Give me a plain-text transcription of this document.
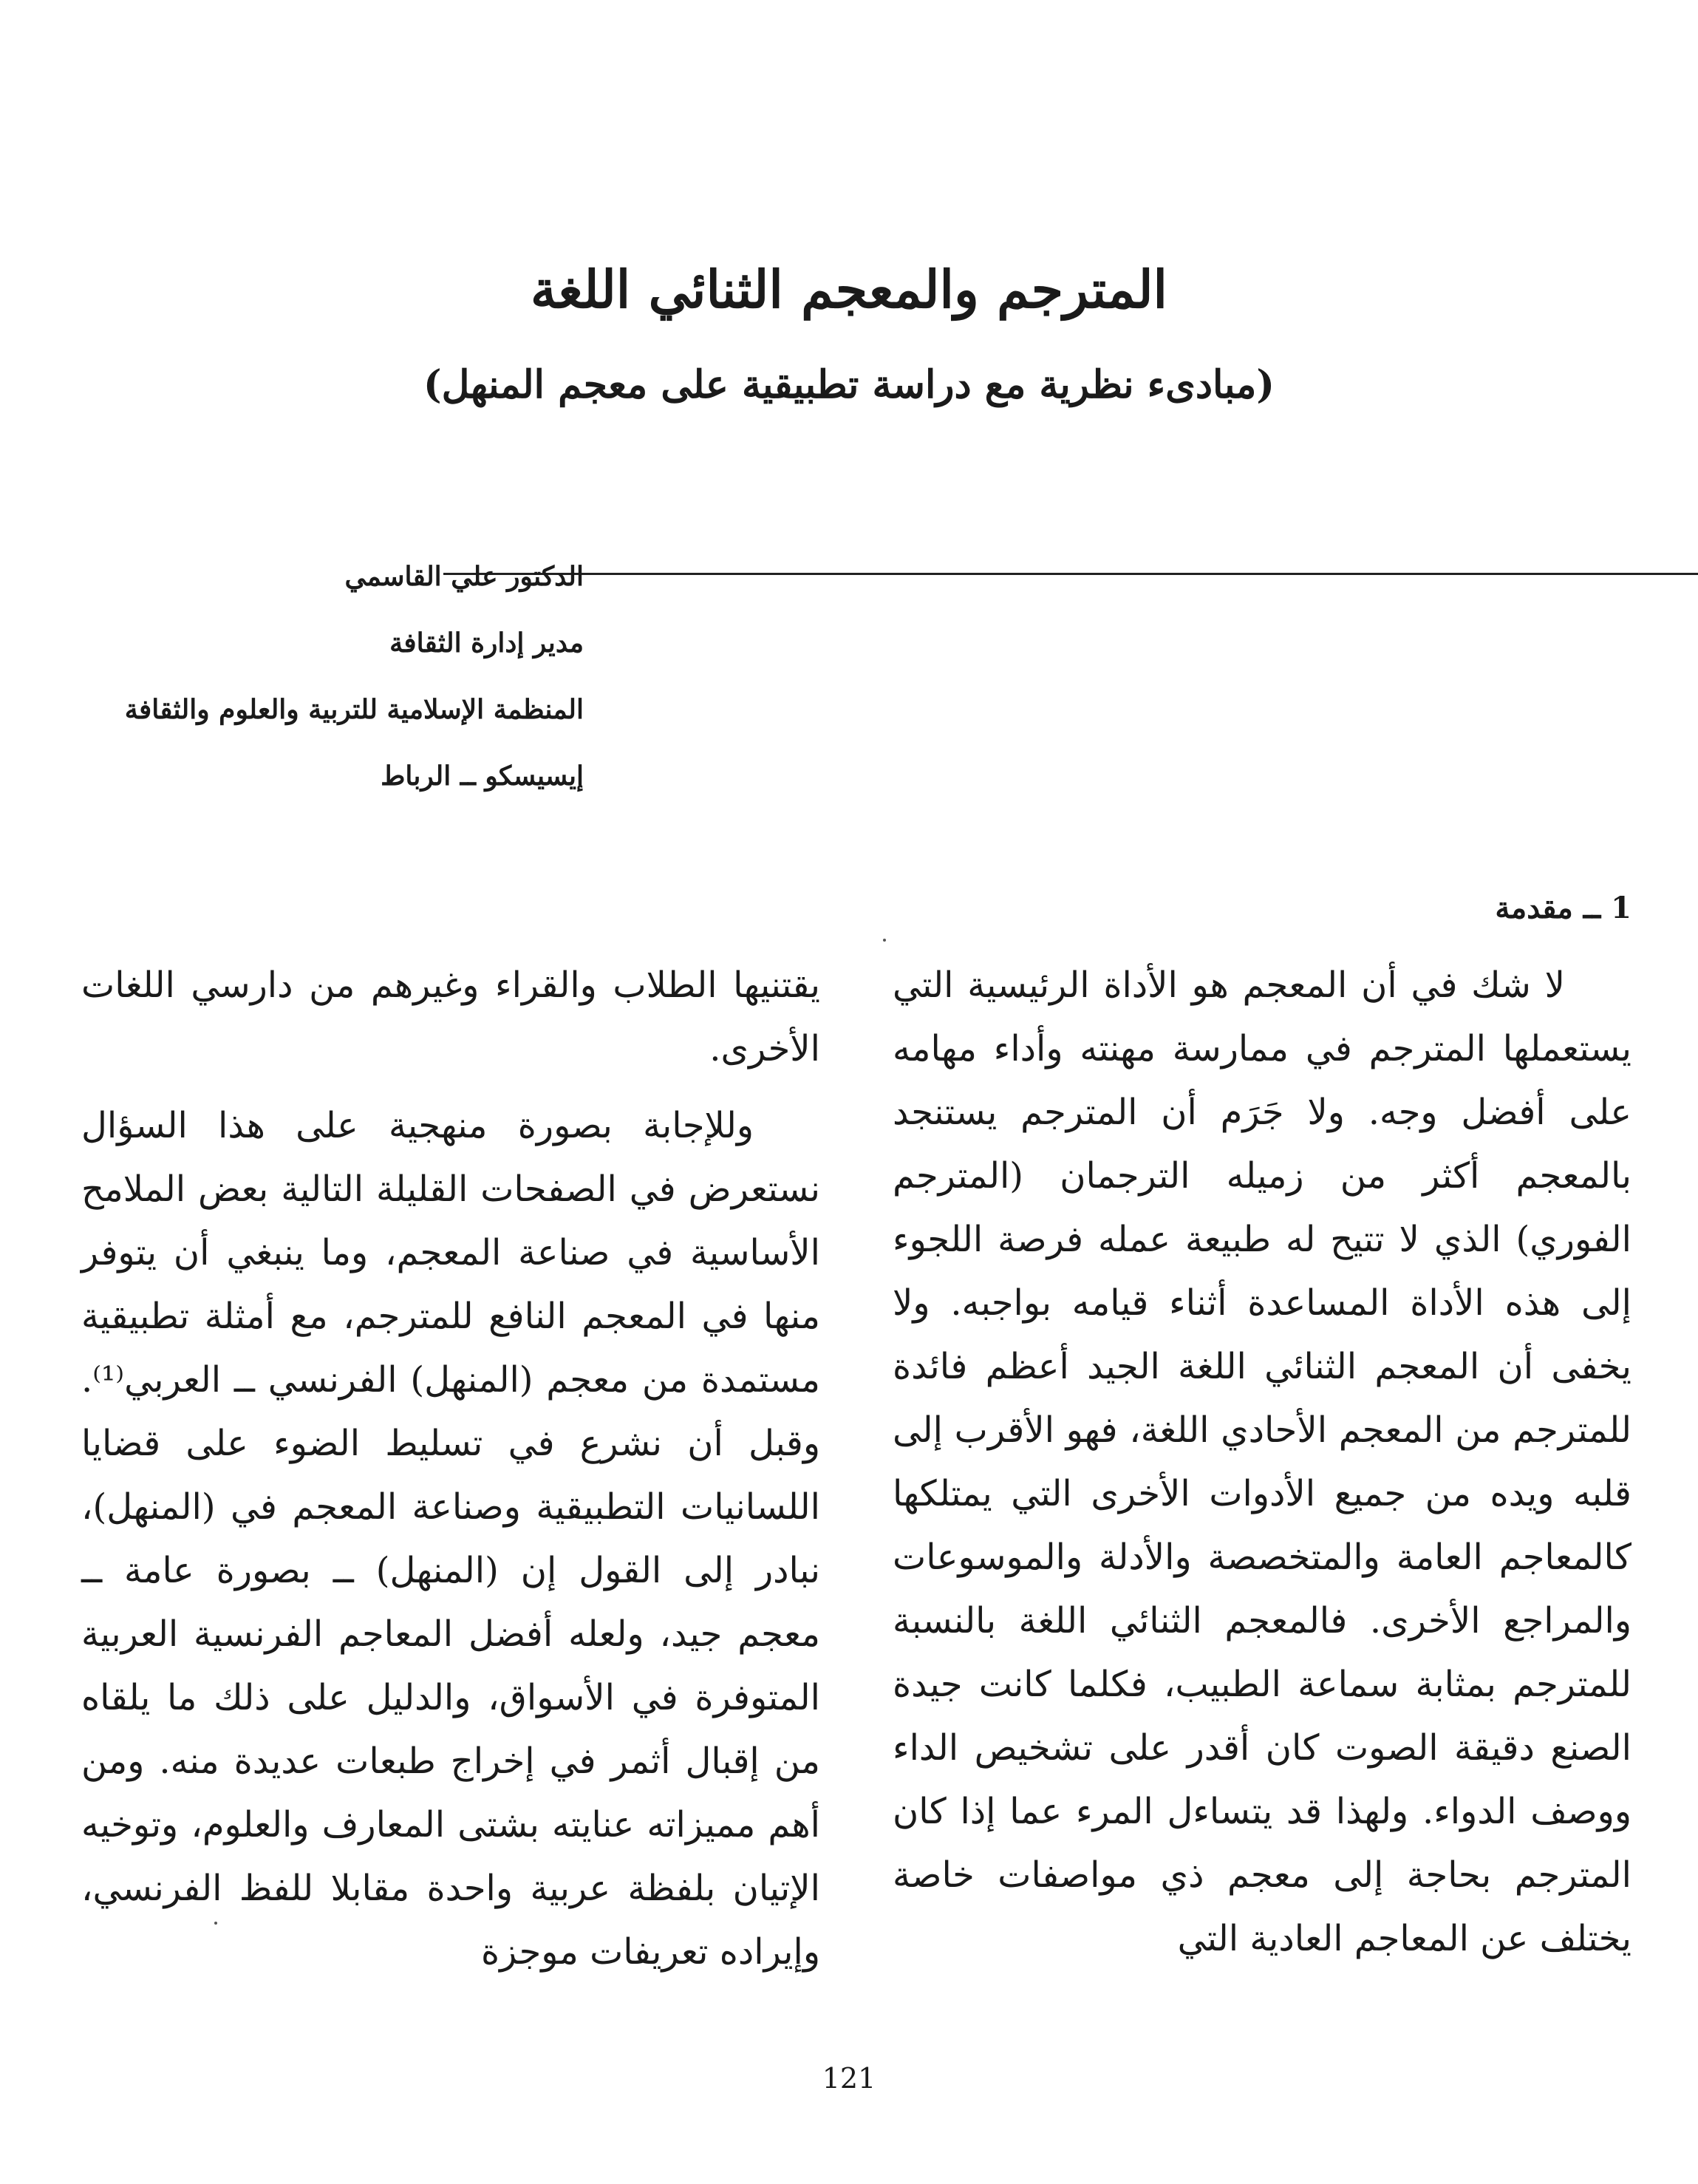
المترجم والمعجم الثنائي اللغة
(مبادىء نظرية مع دراسة تطبيقية على معجم المنهل)
الدكتور علي القاسمي
مدير إدارة الثقافة
المنظمة الإسلامية للتربية والعلوم والثقافة
إيسيسكو ــ الرباط
1 ــ مقدمة

لا شك في أن المعجم هو الأداة الرئيسية التي يستعملها المترجم في ممارسة مهنته وأداء مهامه على أفضل وجه. ولا جَرَم أن المترجم يستنجد بالمعجم أكثر من زميله الترجمان (المترجم الفوري) الذي لا تتيح له طبيعة عمله فرصة اللجوء إلى هذه الأداة المساعدة أثناء قيامه بواجبه. ولا يخفى أن المعجم الثنائي اللغة الجيد أعظم فائدة للمترجم من المعجم الأحادي اللغة، فهو الأقرب إلى قلبه ويده من جميع الأدوات الأخرى التي يمتلكها كالمعاجم العامة والمتخصصة والأدلة والموسوعات والمراجع الأخرى. فالمعجم الثنائي اللغة بالنسبة للمترجم بمثابة سماعة الطبيب، فكلما كانت جيدة الصنع دقيقة الصوت كان أقدر على تشخيص الداء ووصف الدواء. ولهذا قد يتساءل المرء عما إذا كان المترجم بحاجة إلى معجم ذي مواصفات خاصة يختلف عن المعاجم العادية التي

يقتنيها الطلاب والقراء وغيرهم من دارسي اللغات الأخرى.

وللإجابة بصورة منهجية على هذا السؤال نستعرض في الصفحات القليلة التالية بعض الملامح الأساسية في صناعة المعجم، وما ينبغي أن يتوفر منها في المعجم النافع للمترجم، مع أمثلة تطبيقية مستمدة من معجم (المنهل) الفرنسي ــ العربي⁽¹⁾. وقبل أن نشرع في تسليط الضوء على قضايا اللسانيات التطبيقية وصناعة المعجم في (المنهل)، نبادر إلى القول إن (المنهل) ــ بصورة عامة ــ معجم جيد، ولعله أفضل المعاجم الفرنسية العربية المتوفرة في الأسواق، والدليل على ذلك ما يلقاه من إقبال أثمر في إخراج طبعات عديدة منه. ومن أهم مميزاته عنايته بشتى المعارف والعلوم، وتوخيه الإتيان بلفظة عربية واحدة مقابلا للفظ الفرنسي، وإيراده تعريفات موجزة

121
